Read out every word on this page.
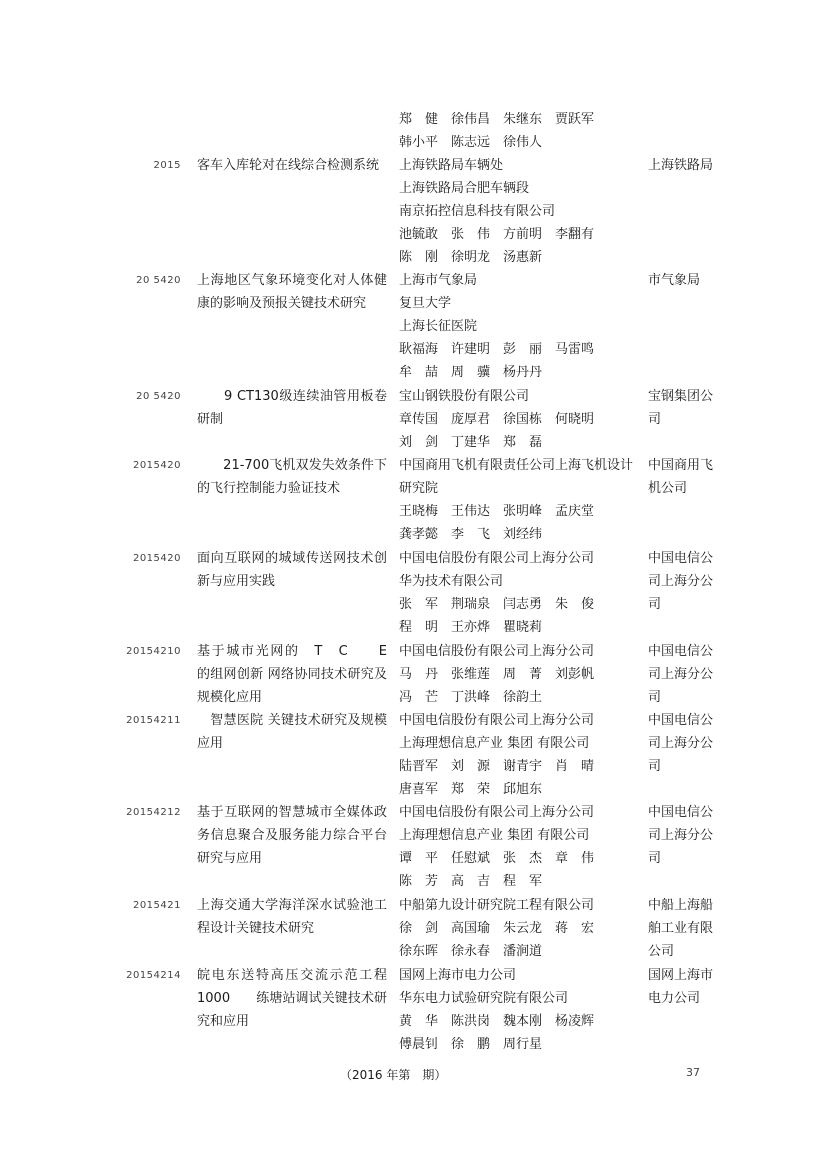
郑　健　徐伟昌　朱继东　贾跃军
韩小平　陈志远　徐伟人
2015 客车入库轮对在线综合检测系统	上海铁路局车辆处
上海铁路局合肥车辆段
南京拓控信息科技有限公司
池毓敢　张　伟　方前明　李翻有
陈　刚　徐明龙　汤惠新
上海铁路局
20 5420 上海地区气象环境变化对人体健康的影响及预报关键技术研究
上海市气象局
复旦大学
上海长征医院
耿福海　许建明　彭　丽　马雷鸣
牟　喆　周　骥　杨丹丹
市气象局
20 5420 　　9 CT130级连续油管用板卷研制
宝山钢铁股份有限公司
章传国　庞厚君　徐国栋　何晓明
刘　剑　丁建华　郑　磊
宝钢集团公司
2015420 　　21-700飞机双发失效条件下的飞行控制能力验证技术
中国商用飞机有限责任公司上海飞机设计研究院
王晓梅　王伟达　张明峰　孟庆堂
龚孝懿　李　飞　刘经纬
中国商用飞机公司
2015420 面向互联网的城域传送网技术创新与应用实践
中国电信股份有限公司上海分公司
华为技术有限公司
张　军　荆瑞泉　闫志勇　朱　俊
程　明　王亦烨　瞿晓莉
中国电信公司上海分公司
20154210 基于城市光网的　T　C　　E　的组网创新 网络协同技术研究及规模化应用
中国电信股份有限公司上海分公司
马　丹　张维莲　周　菁　刘彭帆
冯　芒　丁洪峰　徐韵土
中国电信公司上海分公司
20154211 　智慧医院 关键技术研究及规模应用
中国电信股份有限公司上海分公司
上海理想信息产业 集团 有限公司
陆晋军　刘　源　谢青宇　肖　晴
唐喜军　郑　荣　邱旭东
中国电信公司上海分公司
20154212 基于互联网的智慧城市全媒体政务信息聚合及服务能力综合平台研究与应用
中国电信股份有限公司上海分公司
上海理想信息产业 集团 有限公司
谭　平　任慰斌　张　杰　章　伟
陈　芳　高　吉　程　军
中国电信公司上海分公司
2015421 上海交通大学海洋深水试验池工程设计关键技术研究
中船第九设计研究院工程有限公司
徐　剑　高国瑜　朱云龙　蒋　宏
徐东晖　徐永春　潘涧道
中船上海船舶工业有限公司
20154214 皖电东送特高压交流示范工程1000　　练塘站调试关键技术研究和应用
国网上海市电力公司
华东电力试验研究院有限公司
黄　华　陈洪岗　魏本刚　杨凌辉
傅晨钊　徐　鹏　周行星
国网上海市电力公司
（2016 年第　期）	37
